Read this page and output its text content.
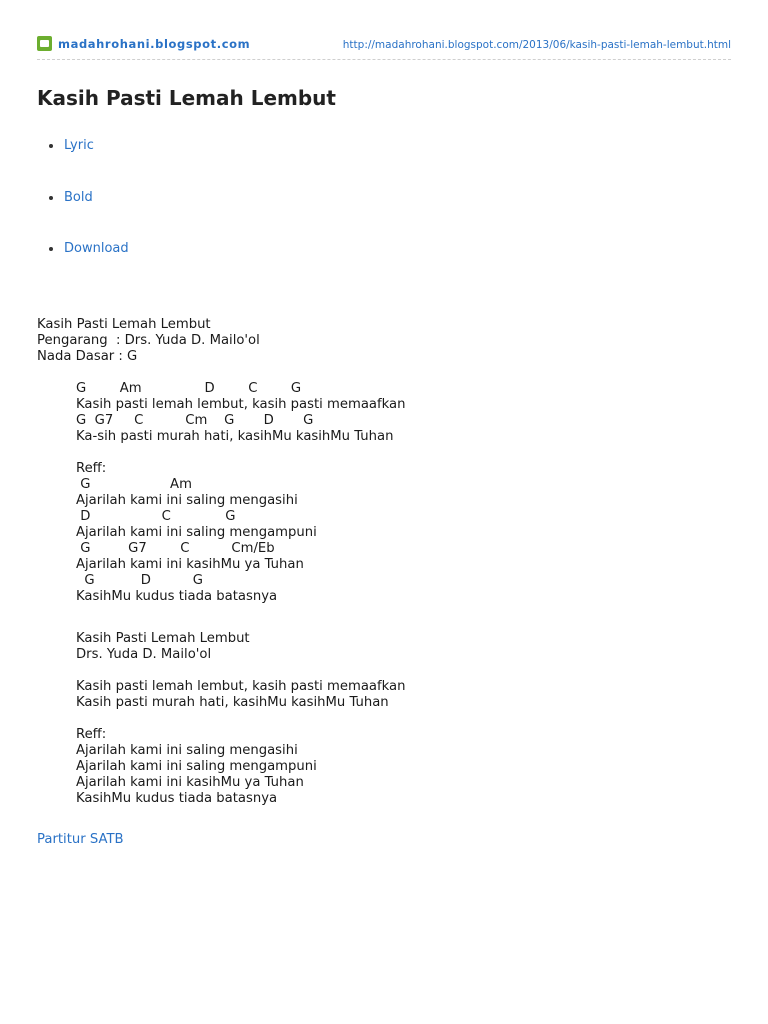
madahrohani.blogspot.com	http://madahrohani.blogspot.com/2013/06/kasih-pasti-lemah-lembut.html
Kasih Pasti Lemah Lembut
Lyric
Bold
Download
Kasih Pasti Lemah Lembut
Pengarang  : Drs. Yuda D. Mailo'ol
Nada Dasar : G
G        Am               D        C        G
Kasih pasti lemah lembut, kasih pasti memaafkan
G  G7     C          Cm    G       D       G
Ka-sih pasti murah hati, kasihMu kasihMu Tuhan
Reff:
G                   Am
Ajarilah kami ini saling mengasihi
D                 C             G
Ajarilah kami ini saling mengampuni
G         G7        C          Cm/Eb
Ajarilah kami ini kasihMu ya Tuhan
G           D          G
KasihMu kudus tiada batasnya
Kasih Pasti Lemah Lembut
Drs. Yuda D. Mailo'ol
Kasih pasti lemah lembut, kasih pasti memaafkan
Kasih pasti murah hati, kasihMu kasihMu Tuhan
Reff:
Ajarilah kami ini saling mengasihi
Ajarilah kami ini saling mengampuni
Ajarilah kami ini kasihMu ya Tuhan
KasihMu kudus tiada batasnya
Partitur SATB
